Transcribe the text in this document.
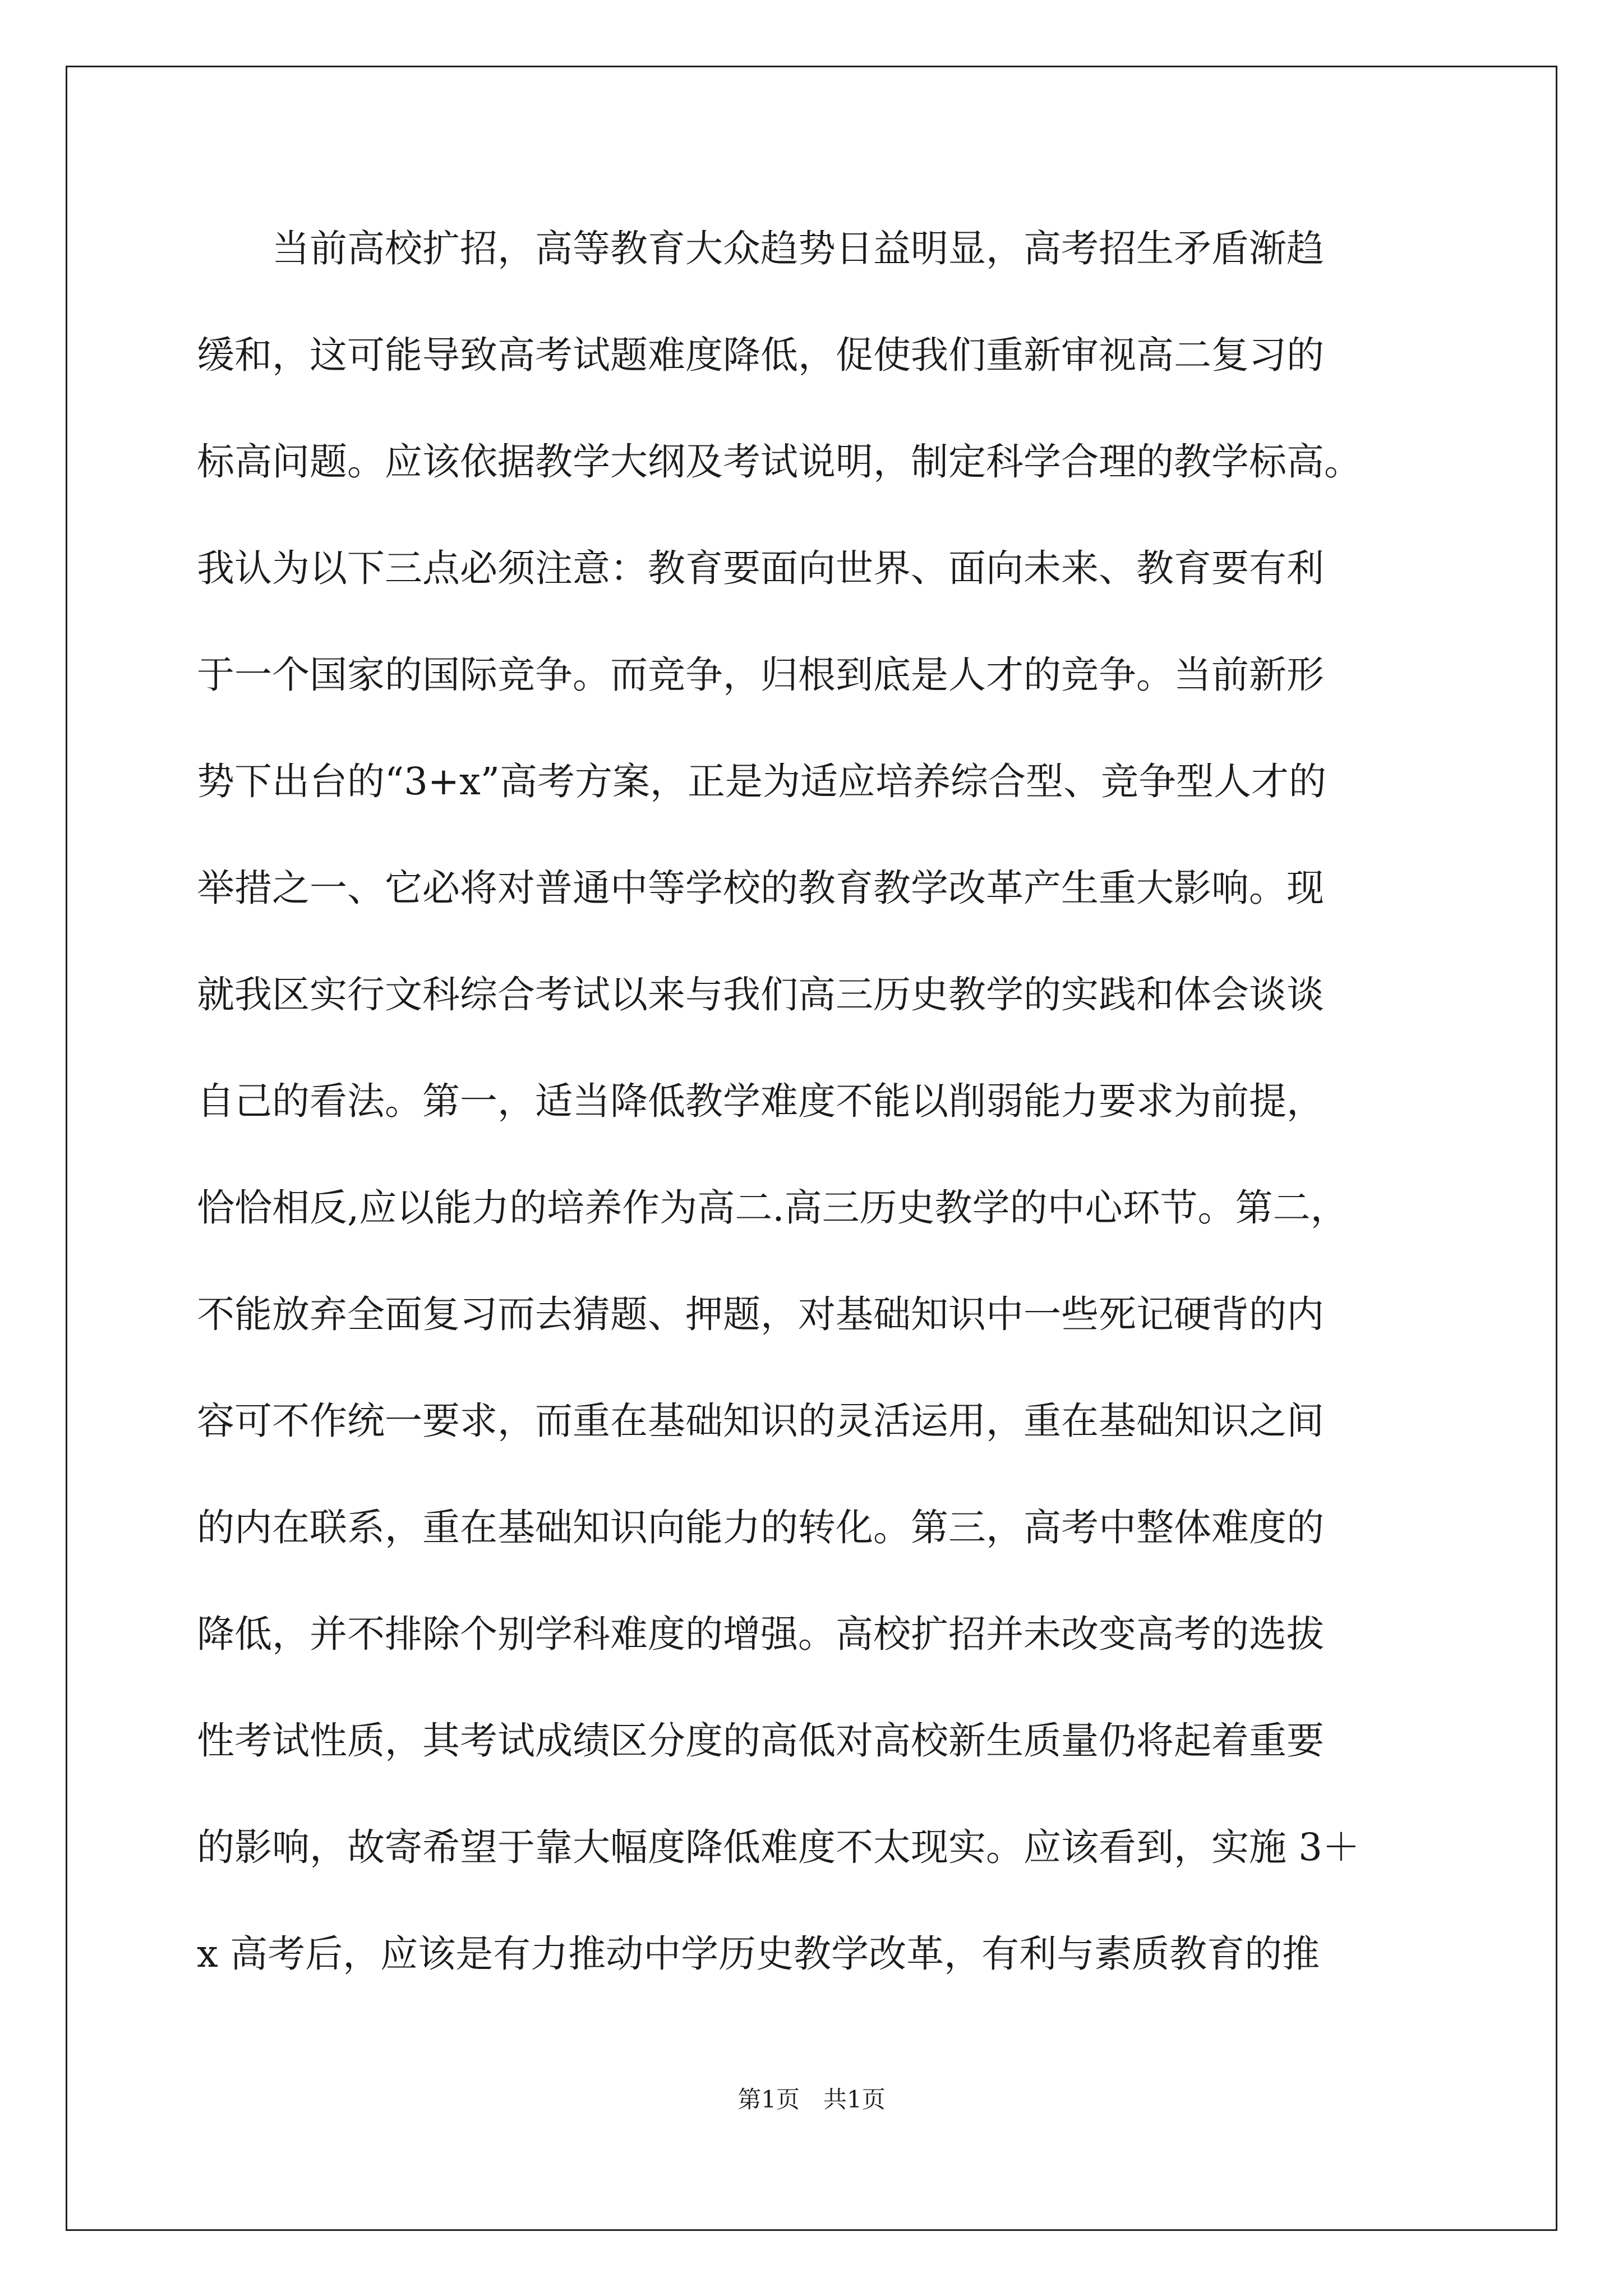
当前高校扩招，高等教育大众趋势日益明显，高考招生矛盾渐趋
缓和，这可能导致高考试题难度降低，促使我们重新审视高二复习的
标高问题。应该依据教学大纲及考试说明，制定科学合理的教学标高。
我认为以下三点必须注意：教育要面向世界、面向未来、教育要有利
于一个国家的国际竞争。而竞争，归根到底是人才的竞争。当前新形
势下出台的“3+x”高考方案，正是为适应培养综合型、竞争型人才的
举措之一、它必将对普通中等学校的教育教学改革产生重大影响。现
就我区实行文科综合考试以来与我们高三历史教学的实践和体会谈谈
自己的看法。第一，适当降低教学难度不能以削弱能力要求为前提，
恰恰相反,应以能力的培养作为高二.高三历史教学的中心环节。第二，
不能放弃全面复习而去猜题、押题，对基础知识中一些死记硬背的内
容可不作统一要求，而重在基础知识的灵活运用，重在基础知识之间
的内在联系，重在基础知识向能力的转化。第三，高考中整体难度的
降低，并不排除个别学科难度的增强。高校扩招并未改变高考的选拔
性考试性质，其考试成绩区分度的高低对高校新生质量仍将起着重要
的影响，故寄希望于靠大幅度降低难度不太现实。应该看到，实施 3＋
x 高考后，应该是有力推动中学历史教学改革，有利与素质教育的推
第1页　共1页
